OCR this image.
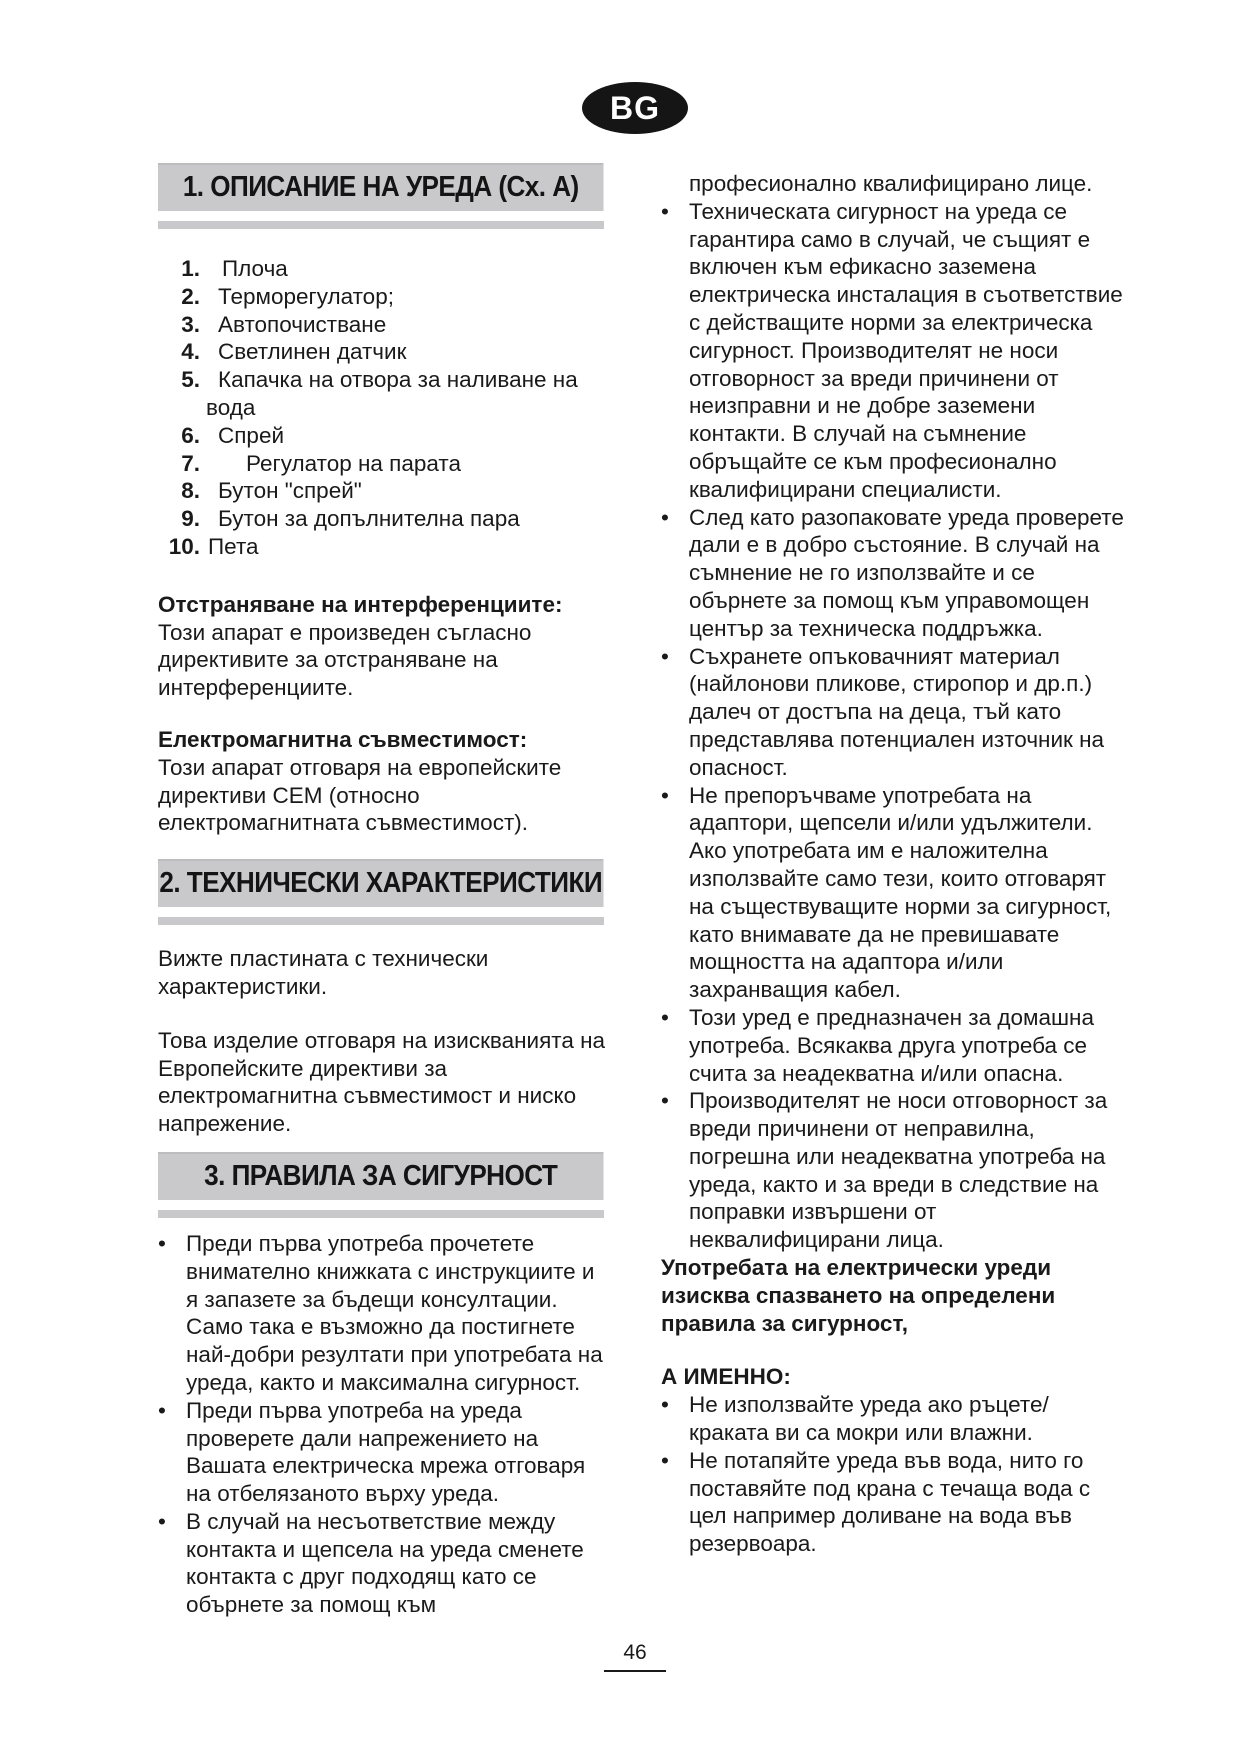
BG
1. ОПИСАНИЕ НА УРЕДА (Сх. А)
1. Плоча
2. Терморегулатор;
3. Автопочистване
4. Светлинен датчик
5. Капачка на отвора за наливане на
вода
6. Спрей
7.	Регулатор на парата
8. Бутон "спрей"
9. Бутон за допълнителна пара
10. Пета

Отстраняване на интерференциите:

Този апарат е произведен съгласно директивите за отстраняване на интерференциите.

Електромагнитна съвместимост:

Този апарат отговаря на европейските директиви CEM (относно електромагнитната съвместимост).

2. ТЕХНИЧЕСКИ ХАРАКТЕРИСТИКИ

Вижте пластината с технически характеристики.

Това изделие отговаря на изискванията на Европейските директиви за електромагнитна съвместимост и ниско напрежение.

3. ПРАВИЛА ЗА СИГУРНОСТ
• Преди първа употреба прочетете внимателно книжката с инструкциите и я запазете за бъдещи консултации. Само така е възможно да постигнете най-добри резултати при употребата на уреда, както и максимална сигурност.
• Преди първа употреба на уреда проверете дали напрежението на Вашата електрическа мрежа отговаря на отбелязаното върху уреда.
• В случай на несъответствие между контакта и щепсела на уреда сменете контакта с друг подходящ като се обърнете за помощ към

професионално квалифицирано лице.

• Техническата сигурност на уреда се гарантира само в случай, че същият е включен към ефикасно заземена електрическа инсталация в съответствие с действащите норми за електрическа сигурност. Производителят не носи отговорност за вреди причинени от неизправни и не добре заземени контакти. В случай на съмнение обръщайте се към професионално квалифицирани специалисти.
• След като разопаковате уреда проверете дали е в добро състояние. В случай на съмнение не го използвайте и се обърнете за помощ към управомощен център за техническа поддръжка.
• Съхранете опъковачният материал (найлонови пликове, стиропор и др.п.) далеч от достъпа на деца, тъй като представлява потенциален източник на опасност.
• Не препоръчваме употребата на адаптори, щепсели и/или удължители. Ако употребата им е наложителна използвайте само тези, които отговарят на съществуващите норми за сигурност, като внимавате да не превишавате мощността на адаптора и/или захранващия кабел.
• Този уред е предназначен за домашна употреба. Всякаква друга употреба се счита за неадекватна и/или опасна.
• Производителят не носи отговорност за вреди причинени от неправилна, погрешна или неадекватна употреба на уреда, както и за вреди в следствие на поправки извършени от неквалифицирани лица.

Употребата на електрически уреди изисква спазването на определени правила за сигурност,

А ИМЕННО:

• Не използвайте уреда ако ръцете/ краката ви са мокри или влажни.
• Не потапяйте уреда във вода, нито го поставяйте под крана с течаща вода с цел например доливане на вода във резервоара.
46
